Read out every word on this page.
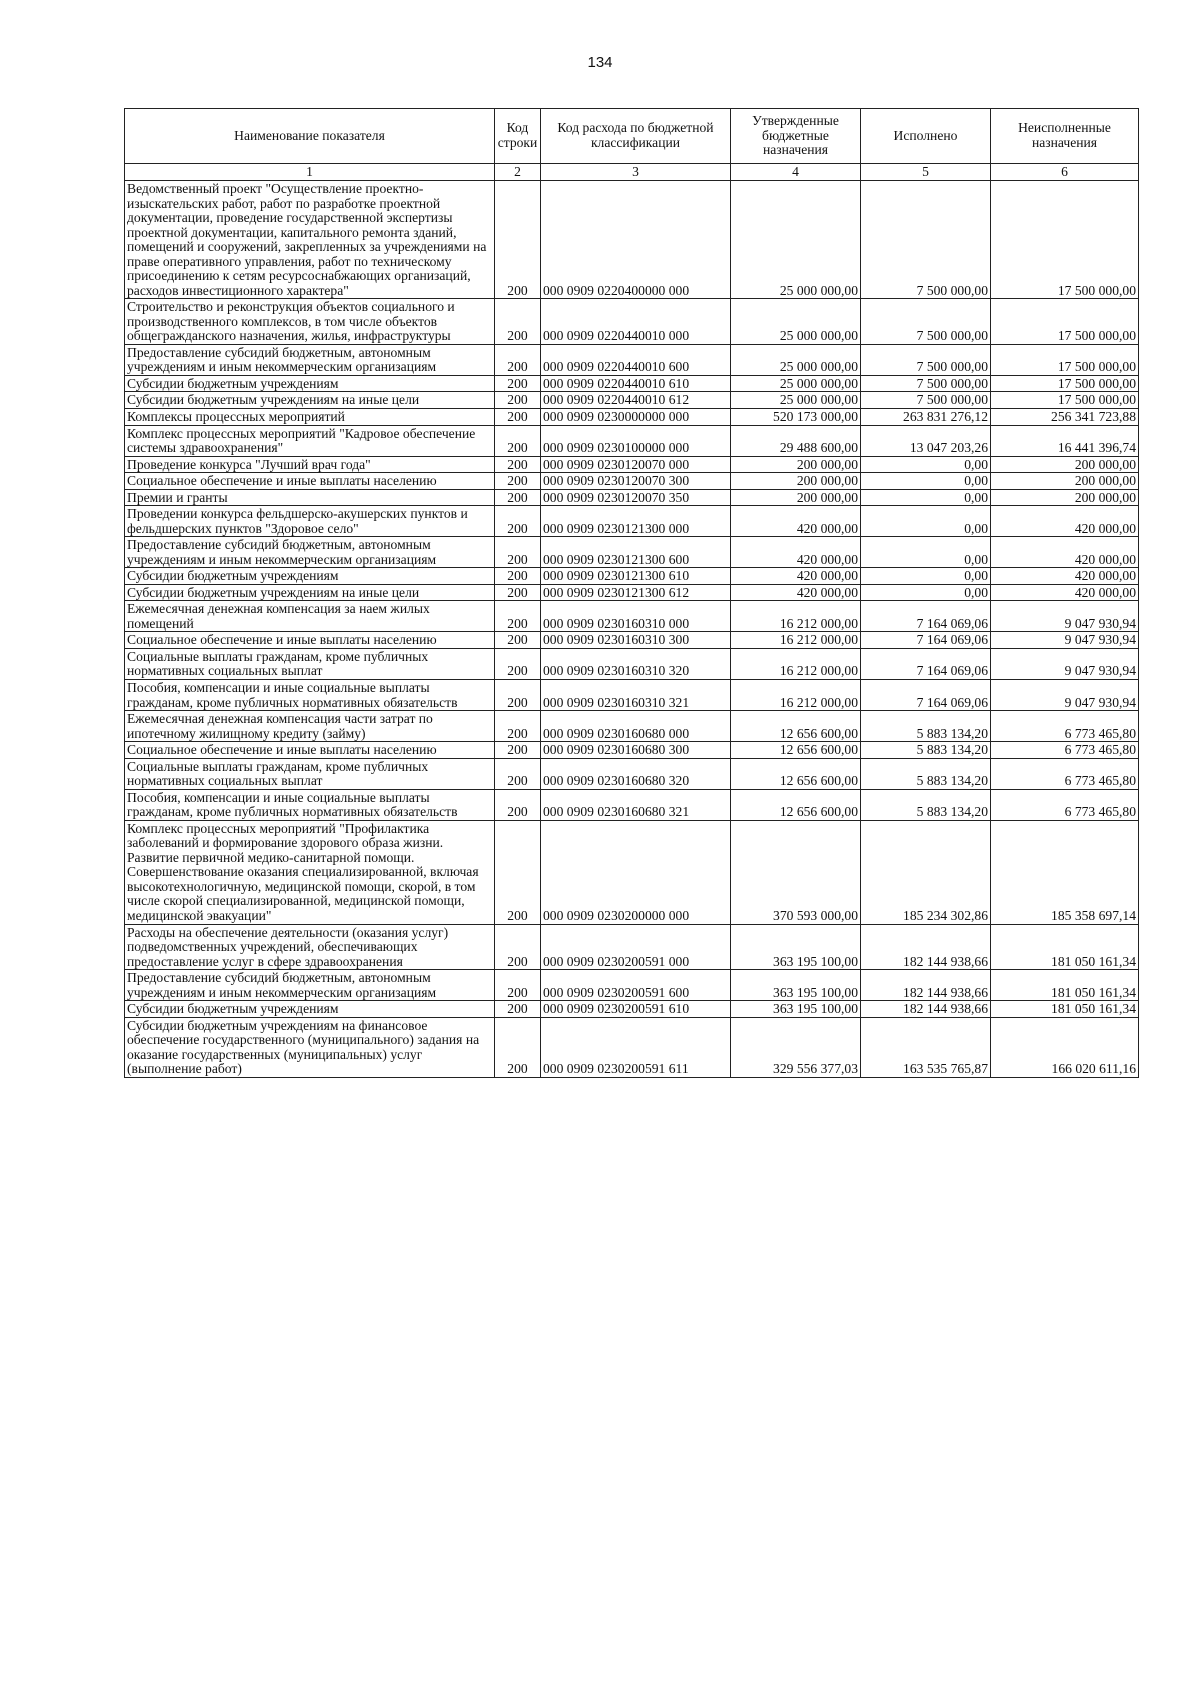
134
Наименование показателя	Код строки	Код расхода по бюджетной классификации	Утвержденные бюджетные назначения	Исполнено	Неисполненные назначения
1	2	3	4	5	6
Ведомственный проект "Осуществление проектно-изыскательских работ, работ по разработке проектной документации, проведение государственной экспертизы проектной документации, капитального ремонта зданий, помещений и сооружений, закрепленных за учреждениями на праве оперативного управления, работ по техническому присоединению к сетям ресурсоснабжающих организаций, расходов инвестиционного характера"	200	000 0909 0220400000 000	25 000 000,00	7 500 000,00	17 500 000,00
Строительство и реконструкция объектов социального и производственного комплексов, в том числе объектов общегражданского назначения, жилья, инфраструктуры	200	000 0909 0220440010 000	25 000 000,00	7 500 000,00	17 500 000,00
Предоставление субсидий бюджетным, автономным учреждениям и иным некоммерческим организациям	200	000 0909 0220440010 600	25 000 000,00	7 500 000,00	17 500 000,00
Субсидии бюджетным учреждениям	200	000 0909 0220440010 610	25 000 000,00	7 500 000,00	17 500 000,00
Субсидии бюджетным учреждениям на иные цели	200	000 0909 0220440010 612	25 000 000,00	7 500 000,00	17 500 000,00
Комплексы процессных мероприятий	200	000 0909 0230000000 000	520 173 000,00	263 831 276,12	256 341 723,88
Комплекс процессных мероприятий "Кадровое обеспечение системы здравоохранения"	200	000 0909 0230100000 000	29 488 600,00	13 047 203,26	16 441 396,74
Проведение конкурса "Лучший врач года"	200	000 0909 0230120070 000	200 000,00	0,00	200 000,00
Социальное обеспечение и иные выплаты населению	200	000 0909 0230120070 300	200 000,00	0,00	200 000,00
Премии и гранты	200	000 0909 0230120070 350	200 000,00	0,00	200 000,00
Проведении конкурса фельдшерско-акушерских пунктов и фельдшерских пунктов "Здоровое село"	200	000 0909 0230121300 000	420 000,00	0,00	420 000,00
Предоставление субсидий бюджетным, автономным учреждениям и иным некоммерческим организациям	200	000 0909 0230121300 600	420 000,00	0,00	420 000,00
Субсидии бюджетным учреждениям	200	000 0909 0230121300 610	420 000,00	0,00	420 000,00
Субсидии бюджетным учреждениям на иные цели	200	000 0909 0230121300 612	420 000,00	0,00	420 000,00
Ежемесячная денежная компенсация за наем жилых помещений	200	000 0909 0230160310 000	16 212 000,00	7 164 069,06	9 047 930,94
Социальное обеспечение и иные выплаты населению	200	000 0909 0230160310 300	16 212 000,00	7 164 069,06	9 047 930,94
Социальные выплаты гражданам, кроме публичных нормативных социальных выплат	200	000 0909 0230160310 320	16 212 000,00	7 164 069,06	9 047 930,94
Пособия, компенсации и иные социальные выплаты гражданам, кроме публичных нормативных обязательств	200	000 0909 0230160310 321	16 212 000,00	7 164 069,06	9 047 930,94
Ежемесячная денежная компенсация части затрат по ипотечному жилищному кредиту (займу)	200	000 0909 0230160680 000	12 656 600,00	5 883 134,20	6 773 465,80
Социальное обеспечение и иные выплаты населению	200	000 0909 0230160680 300	12 656 600,00	5 883 134,20	6 773 465,80
Социальные выплаты гражданам, кроме публичных нормативных социальных выплат	200	000 0909 0230160680 320	12 656 600,00	5 883 134,20	6 773 465,80
Пособия, компенсации и иные социальные выплаты гражданам, кроме публичных нормативных обязательств	200	000 0909 0230160680 321	12 656 600,00	5 883 134,20	6 773 465,80
Комплекс процессных мероприятий "Профилактика заболеваний и формирование здорового образа жизни. Развитие первичной медико-санитарной помощи. Совершенствование оказания специализированной, включая высокотехнологичную, медицинской помощи, скорой, в том числе скорой специализированной, медицинской помощи, медицинской эвакуации"	200	000 0909 0230200000 000	370 593 000,00	185 234 302,86	185 358 697,14
Расходы на обеспечение деятельности (оказания услуг) подведомственных учреждений, обеспечивающих предоставление услуг в сфере здравоохранения	200	000 0909 0230200591 000	363 195 100,00	182 144 938,66	181 050 161,34
Предоставление субсидий бюджетным, автономным учреждениям и иным некоммерческим организациям	200	000 0909 0230200591 600	363 195 100,00	182 144 938,66	181 050 161,34
Субсидии бюджетным учреждениям	200	000 0909 0230200591 610	363 195 100,00	182 144 938,66	181 050 161,34
Субсидии бюджетным учреждениям на финансовое обеспечение государственного (муниципального) задания на оказание государственных (муниципальных) услуг (выполнение работ)	200	000 0909 0230200591 611	329 556 377,03	163 535 765,87	166 020 611,16
